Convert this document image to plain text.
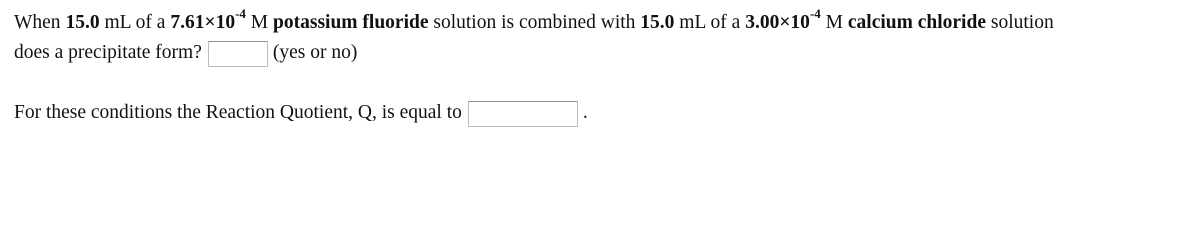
When 15.0 mL of a $7.61\times 10^{-4}$ M potassium fluoride solution is combined with 15.0 mL of a $3.00\times 10^{-4}$ M calcium chloride solution
does a precipitate form?	(yes or no)
For these conditions the Reaction Quotient, Q, is equal to	.
